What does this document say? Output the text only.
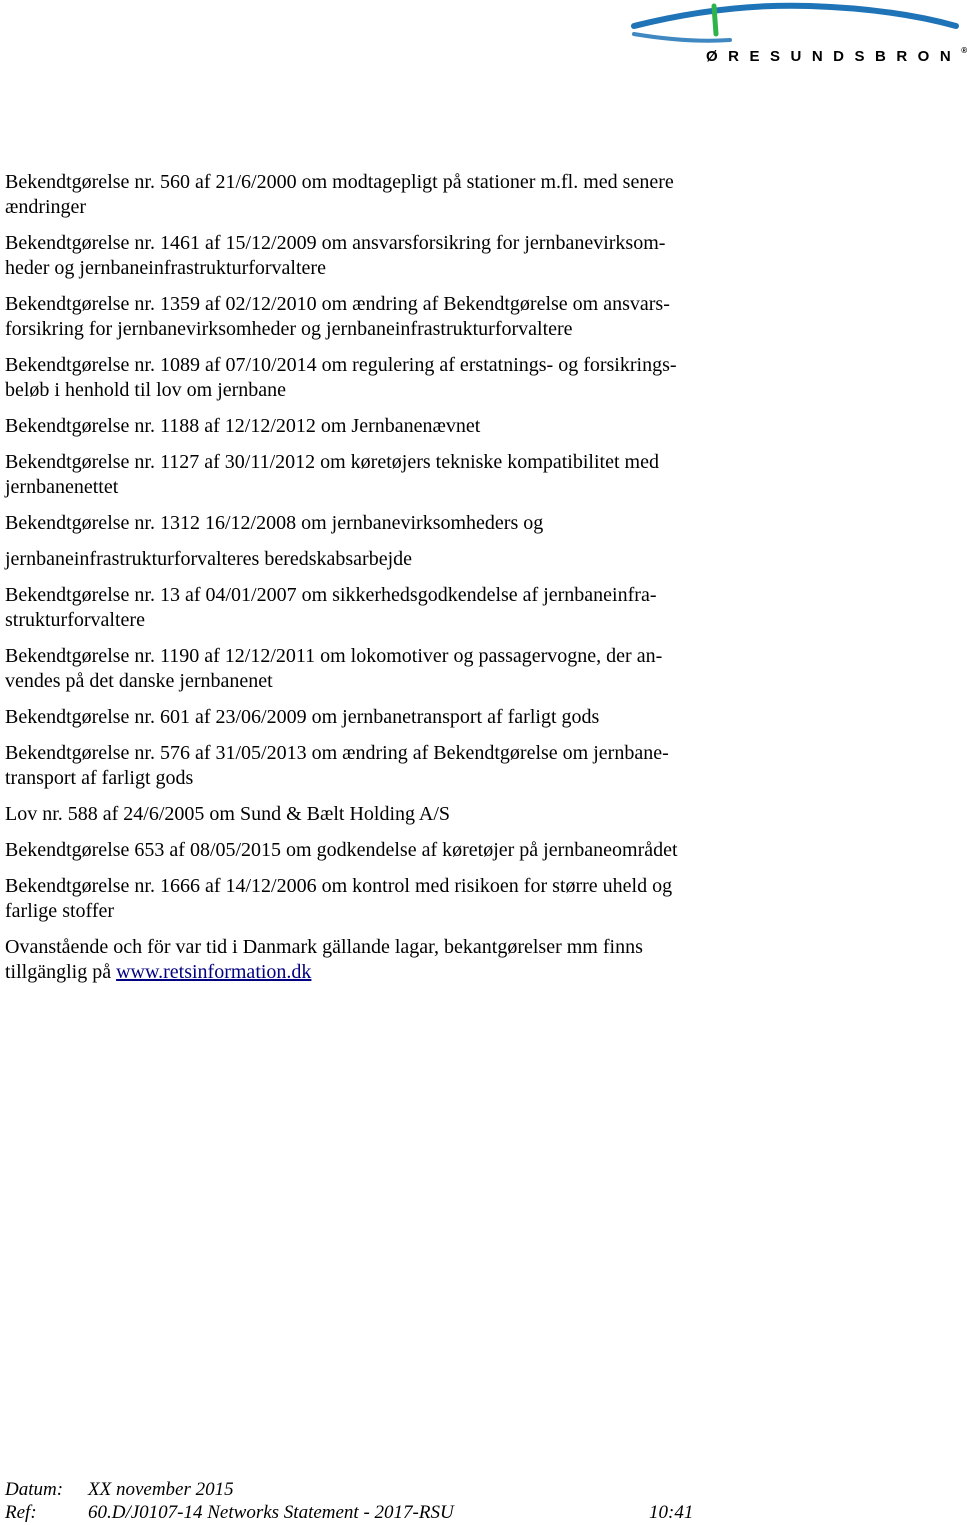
ØRESUNDSBRON®
Bekendtgørelse nr. 560 af 21/6/2000 om modtagepligt på stationer m.fl. med senere
ændringer
Bekendtgørelse nr. 1461 af 15/12/2009 om ansvarsforsikring for jernbanevirksom-
heder og jernbaneinfrastrukturforvaltere
Bekendtgørelse nr. 1359 af 02/12/2010 om ændring af Bekendtgørelse om ansvars-
forsikring for jernbanevirksomheder og jernbaneinfrastrukturforvaltere
Bekendtgørelse nr. 1089 af 07/10/2014 om regulering af erstatnings- og forsikrings-
beløb i henhold til lov om jernbane
Bekendtgørelse nr. 1188 af 12/12/2012 om Jernbanenævnet
Bekendtgørelse nr. 1127 af 30/11/2012 om køretøjers tekniske kompatibilitet med
jernbanenettet
Bekendtgørelse nr. 1312 16/12/2008 om jernbanevirksomheders og
jernbaneinfrastrukturforvalteres beredskabsarbejde
Bekendtgørelse nr. 13 af 04/01/2007 om sikkerhedsgodkendelse af jernbaneinfra-
strukturforvaltere
Bekendtgørelse nr. 1190 af 12/12/2011 om lokomotiver og passagervogne, der an-
vendes på det danske jernbanenet
Bekendtgørelse nr. 601 af 23/06/2009 om jernbanetransport af farligt gods
Bekendtgørelse nr. 576 af 31/05/2013 om ændring af Bekendtgørelse om jernbane-
transport af farligt gods
Lov nr. 588 af 24/6/2005 om Sund & Bælt Holding A/S
Bekendtgørelse 653 af 08/05/2015 om godkendelse af køretøjer på jernbaneområdet
Bekendtgørelse nr. 1666 af 14/12/2006 om kontrol med risikoen for større uheld og
farlige stoffer
Ovanstående och för var tid i Danmark gällande lagar, bekantgørelser mm finns
tillgänglig på www.retsinformation.dk
Datum: XX november 2015
Ref:	60.D/J0107-14 Networks Statement - 2017-RSU	10:41
